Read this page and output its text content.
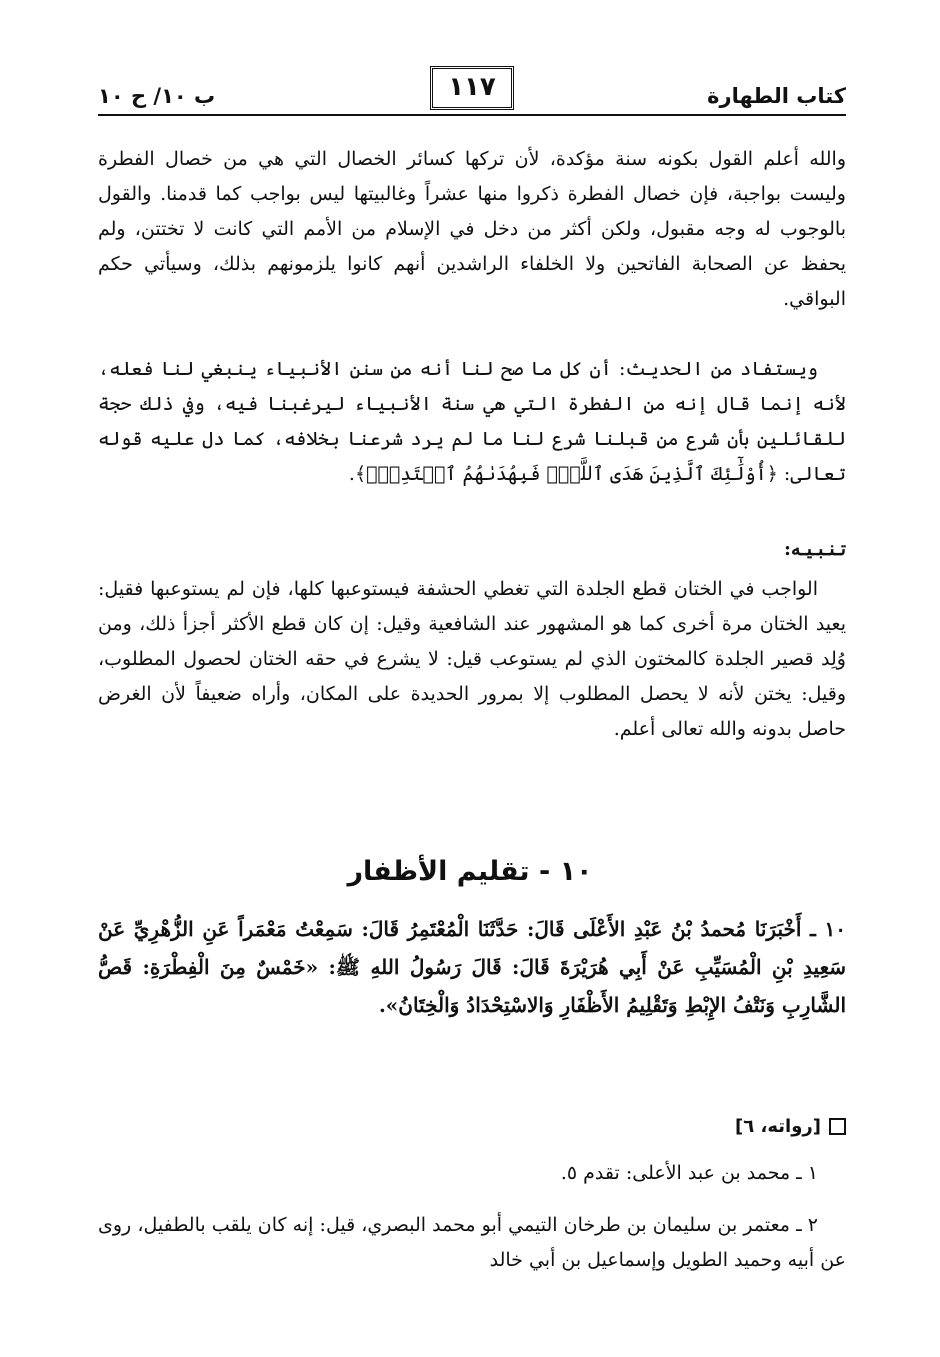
كتاب الطهارة
١١٧
ب ١٠/ ح ١٠

والله أعلم القول بكونه سنة مؤكدة، لأن تركها كسائر الخصال التي هي من خصال الفطرة وليست بواجبة، فإن خصال الفطرة ذكروا منها عشراً وغالبيتها ليس بواجب كما قدمنا. والقول بالوجوب له وجه مقبول، ولكن أكثر من دخل في الإسلام من الأمم التي كانت لا تختتن، ولم يحفظ عن الصحابة الفاتحين ولا الخلفاء الراشدين أنهم كانوا يلزمونهم بذلك، وسيأتي حكم البواقي.

ويستفاد من الحديث: أن كل ما صح لنا أنه من سنن الأنبياء ينبغي لنا فعله، لأنه إنما قال إنه من الفطرة التي هي سنة الأنبياء ليرغبنا فيه، وفي ذلك حجة للقائلين بأن شرع من قبلنا شرع لنا ما لم يرد شرعنا بخلافه، كما دل عليه قوله تعالى: ﴿أُوْلَٰٓئِكَ ٱلَّذِينَ هَدَى ٱللَّهُۖ فَبِهُدَىٰهُمُ ٱقۡتَدِهۡۗ﴾.

تـنـبـيـه:

الواجب في الختان قطع الجلدة التي تغطي الحشفة فيستوعبها كلها، فإن لم يستوعبها فقيل: يعيد الختان مرة أخرى كما هو المشهور عند الشافعية وقيل: إن كان قطع الأكثر أجزأ ذلك، ومن وُلِد قصير الجلدة كالمختون الذي لم يستوعب قيل: لا يشرع في حقه الختان لحصول المطلوب، وقيل: يختن لأنه لا يحصل المطلوب إلا بمرور الحديدة على المكان، وأراه ضعيفاً لأن الغرض حاصل بدونه والله تعالى أعلم.

١٠ - تقليم الأظفار

١٠ ـ أَخْبَرَنَا مُحمدُ بْنُ عَبْدِ الأَعْلَى قَالَ: حَدَّثَنَا الْمُعْتَمِرُ قَالَ: سَمِعْتُ مَعْمَراً عَنِ الزُّهْرِيِّ عَنْ سَعِيدِ بْنِ الْمُسَيِّبِ عَنْ أَبِي هُرَيْرَةَ قَالَ: قَالَ رَسُولُ اللهِ ﷺ: «خَمْسٌ مِنَ الْفِطْرَةِ: قَصُّ الشَّارِبِ وَنَتْفُ الإِبْطِ وَتَقْلِيمُ الأَظْفَارِ وَالاسْتِحْدَادُ وَالْخِتَانُ».

[رواته، ٦]

١ ـ محمد بن عبد الأعلى: تقدم ٥.

٢ ـ معتمر بن سليمان بن طرخان التيمي أبو محمد البصري، قيل: إنه كان يلقب بالطفيل، روى عن أبيه وحميد الطويل وإسماعيل بن أبي خالد
